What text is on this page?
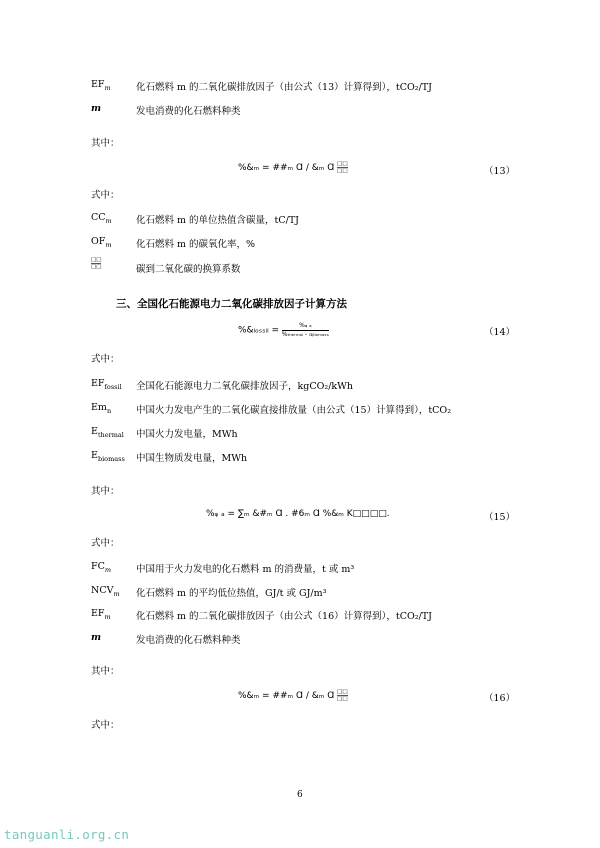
$EF_m$	化石燃料 m 的二氧化碳排放因子（由公式（13）计算得到），tCO₂/TJ
m	发电消费的化石燃料种类
其中：
%&ₘ = ##ₘ Ɑ / &ₘ Ɑ $\frac{□□}{□□}$	（13）
式中：
$CC_m$	化石燃料 m 的单位热值含碳量，tC/TJ
$OF_m$	化石燃料 m 的碳氧化率，%
$\frac{□□}{□□}$	碳到二氧化碳的换算系数
三、全国化石能源电力二氧化碳排放因子计算方法
%&ₗₒₛₛᵢₗ =	%ᵩ ₐ
%ₜₕₑᵣₘₐₗ - ₗ₃ᵦᵢₒₘₐₛₛ	（14）
式中：
$EF_{fossil}$ 全国化石能源电力二氧化碳排放因子，kgCO₂/kWh
$Em_n$	中国火力发电产生的二氧化碳直接排放量（由公式（15）计算得到），tCO₂
$E_{thermal}$ 中国火力发电量，MWh
$E_{biomass}$ 中国生物质发电量，MWh
其中：
%ᵩ ₐ = ∑ₘ &#ₘ Ɑ . #6ₘ Ɑ %&ₘ K□□□□.	（15）
式中：
$FC_m$	中国用于火力发电的化石燃料 m 的消费量，t 或 m³
$NCV_m$ 化石燃料 m 的平均低位热值，GJ/t 或 GJ/m³
$EF_m$	化石燃料 m 的二氧化碳排放因子（由公式（16）计算得到），tCO₂/TJ
m	发电消费的化石燃料种类
其中：
%&ₘ = ##ₘ Ɑ / &ₘ Ɑ $\frac{□□}{□□}$	（16）
式中：
6
tanguanli.org.cn
